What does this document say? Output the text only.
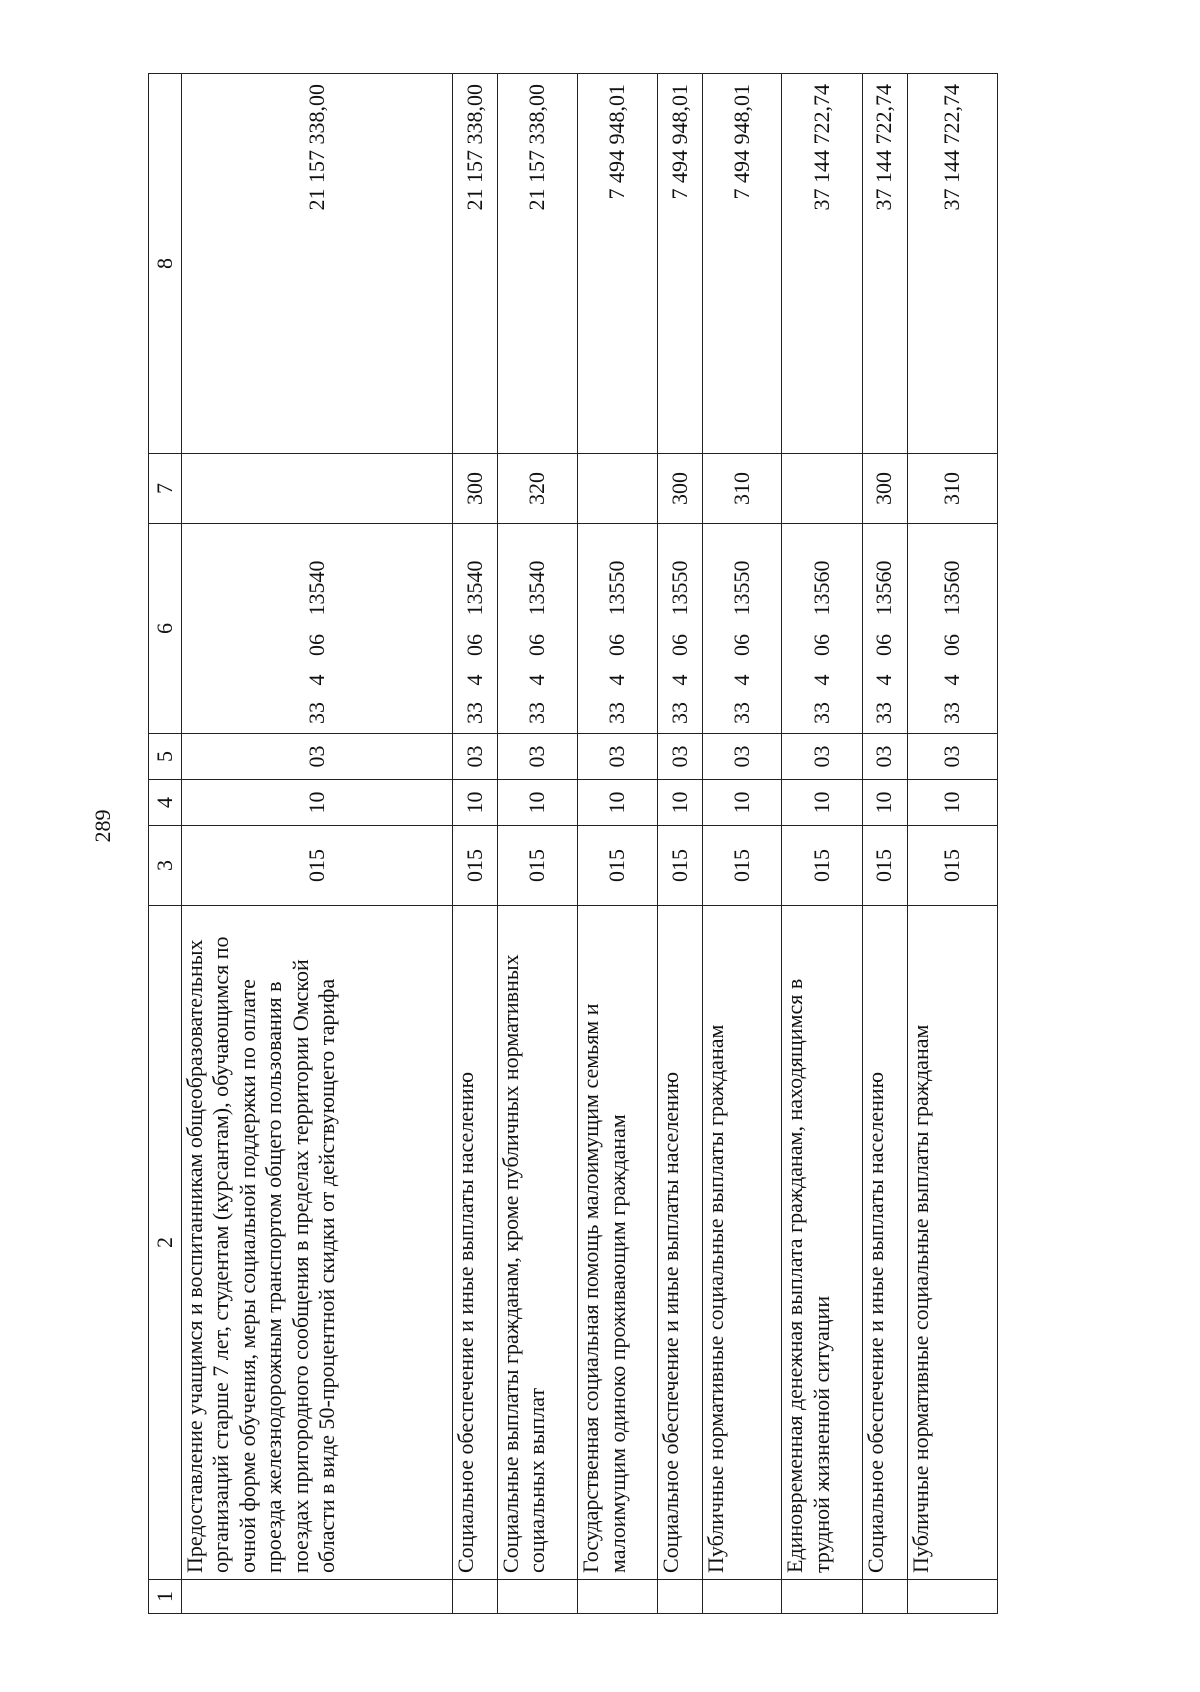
289
1	2	3	4	5	6	7	8
	Предоставление учащимся и воспитанникам общеобразовательных организаций старше 7 лет, студентам (курсантам), обучающимся по очной форме обучения, меры социальной поддержки по оплате проезда железнодорожным транспортом общего пользования в поездах пригородного сообщения в пределах территории Омской области в виде 50-процентной скидки от действующего тарифа	015	10	03	3340613540		21 157 338,00
	Социальное обеспечение и иные выплаты населению	015	10	03	3340613540	300	21 157 338,00
	Социальные выплаты гражданам, кроме публичных нормативных социальных выплат	015	10	03	3340613540	320	21 157 338,00
	Государственная социальная помощь малоимущим семьям и малоимущим одиноко проживающим гражданам	015	10	03	3340613550		7 494 948,01
	Социальное обеспечение и иные выплаты населению	015	10	03	3340613550	300	7 494 948,01
	Публичные нормативные социальные выплаты гражданам	015	10	03	3340613550	310	7 494 948,01
	Единовременная денежная выплата гражданам, находящимся в трудной жизненной ситуации	015	10	03	3340613560		37 144 722,74
	Социальное обеспечение и иные выплаты населению	015	10	03	3340613560	300	37 144 722,74
	Публичные нормативные социальные выплаты гражданам	015	10	03	3340613560	310	37 144 722,74
